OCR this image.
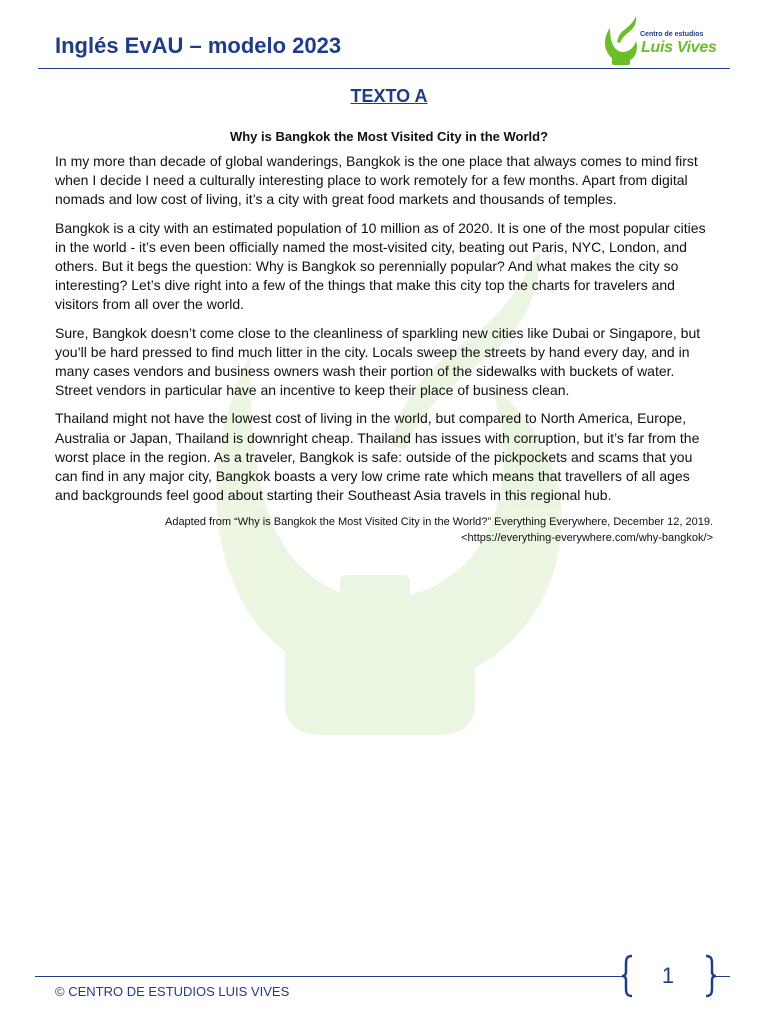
Inglés EvAU – modelo 2023	Centro de estudios
Luis Vives
TEXTO A
Why is Bangkok the Most Visited City in the World?

In my more than decade of global wanderings, Bangkok is the one place that always comes to mind first when I decide I need a culturally interesting place to work remotely for a few months. Apart from digital nomads and low cost of living, it’s a city with great food markets and thousands of temples.

Bangkok is a city with an estimated population of 10 million as of 2020. It is one of the most popular cities in the world - it’s even been officially named the most-visited city, beating out Paris, NYC, London, and others. But it begs the question: Why is Bangkok so perennially popular? And what makes the city so interesting? Let’s dive right into a few of the things that make this city top the charts for travelers and visitors from all over the world.

Sure, Bangkok doesn’t come close to the cleanliness of sparkling new cities like Dubai or Singapore, but you’ll be hard pressed to find much litter in the city. Locals sweep the streets by hand every day, and in many cases vendors and business owners wash their portion of the sidewalks with buckets of water. Street vendors in particular have an incentive to keep their place of business clean.

Thailand might not have the lowest cost of living in the world, but compared to North America, Europe, Australia or Japan, Thailand is downright cheap. Thailand has issues with corruption, but it’s far from the worst place in the region. As a traveler, Bangkok is safe: outside of the pickpockets and scams that you can find in any major city, Bangkok boasts a very low crime rate which means that travellers of all ages and backgrounds feel good about starting their Southeast Asia travels in this regional hub.

Adapted from “Why is Bangkok the Most Visited City in the World?” Everything Everywhere, December 12, 2019.
<https://everything-everywhere.com/why-bangkok/>
1
© CENTRO DE ESTUDIOS LUIS VIVES
